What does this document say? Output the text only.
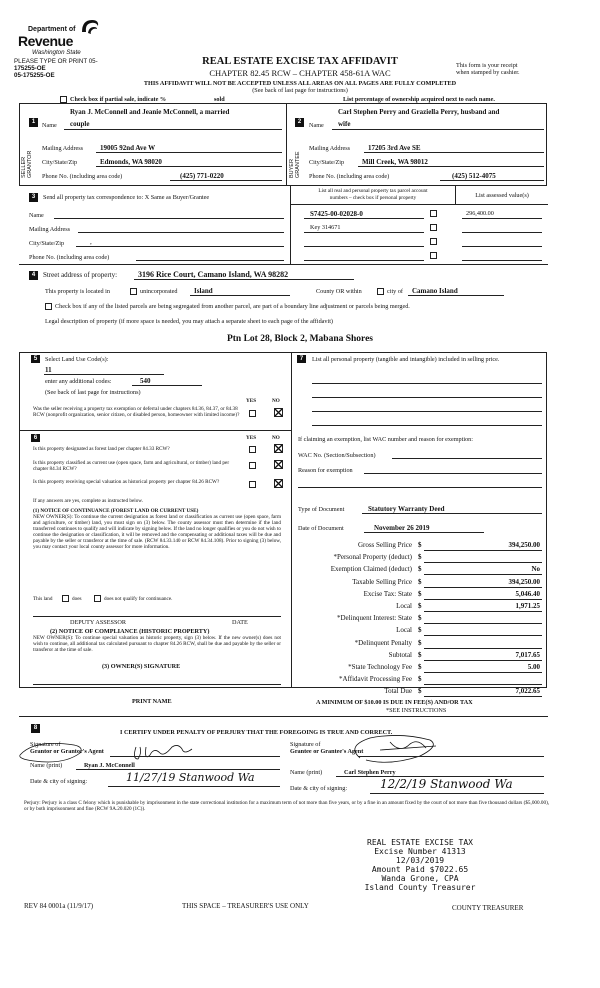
Department of
Revenue
Washington State
PLEASE TYPE OR PRINT 05-
175255-OE
05-175255-OE
REAL ESTATE EXCISE TAX AFFIDAVIT
CHAPTER 82.45 RCW – CHAPTER 458-61A WAC
This form is your receipt
when stamped by cashier.
THIS AFFIDAVIT WILL NOT BE ACCEPTED UNLESS ALL AREAS ON ALL PAGES ARE FULLY COMPLETED
(See back of last page for instructions)
Check box if partial sale, indicate %	sold	List percentage of ownership acquired next to each name.
1
SELLER GRANTOR
Name
Ryan J. McConnell and Jeanie McConnell, a married
couple
Mailing Address 19005 92nd Ave W
City/State/Zip	Edmonds, WA 98020
Phone No. (including area code)	(425) 771-0220
2
BUYER GRANTEE
Name
Carl Stephen Perry and Graziella Perry, husband and
wife
Mailing Address	17205 3rd Ave SE
City/State/Zip	Mill Creek, WA 98012
Phone No. (including area code)	(425) 512-4075
3	Send all property tax correspondence to: X Same as Buyer/Grantee
Name
Mailing Address
City/State/Zip	,
Phone No. (including area code)
List all real and personal property tax parcel account
numbers – check box if personal property	List assessed value(s)
S7425-00-02028-0	296,400.00
Key 314671
4	Street address of property:	3196 Rice Court, Camano Island, WA 98282
This property is located in	unincorporated Island	County OR within	city of Camano Island
Check box if any of the listed parcels are being segregated from another parcel, are part of a boundary line adjustment or parcels being merged.
Legal description of property (if more space is needed, you may attach a separate sheet to each page of the affidavit)
Ptn Lot 28, Block 2, Mabana Shores
5	Select Land Use Code(s):
11
enter any additional codes:	540
(See back of last page for instructions)
YES	NO
Was the seller receiving a property tax exemption or deferral under chapters 84.36, 84.37, or 84.38 RCW (nonprofit organization, senior citizen, or disabled person, homeowner with limited income)?
6	YES	NO
Is this property designated as forest land per chapter 84.33 RCW?
Is this property classified as current use (open space, farm and agricultural, or timber) land per chapter 84.34 RCW?
Is this property receiving special valuation as historical property per chapter 84.26 RCW?
If any answers are yes, complete as instructed below.
(1) NOTICE OF CONTINUANCE (FOREST LAND OR CURRENT USE)
NEW OWNER(S): To continue the current designation as forest land or classification as current use (open space, farm and agriculture, or timber) land, you must sign on (3) below. The county assessor must then determine if the land transferred continues to qualify and will indicate by signing below. If the land no longer qualifies or you do not wish to continue the designation or classification, it will be removed and the compensating or additional taxes will be due and payable by the seller or transferor at the time of sale. (RCW 84.33.140 or RCW 84.34.108). Prior to signing (3) below, you may contact your local county assessor for more information.
This land	does	does not qualify for continuance.
DEPUTY ASSESSOR	DATE
(2) NOTICE OF COMPLIANCE (HISTORIC PROPERTY)
NEW OWNER(S): To continue special valuation as historic property, sign (3) below. If the new owner(s) does not wish to continue, all additional tax calculated pursuant to chapter 84.26 RCW, shall be due and payable by the seller or transferor at the time of sale.
(3) OWNER(S) SIGNATURE
PRINT NAME
7	List all personal property (tangible and intangible) included in selling price.
If claiming an exemption, list WAC number and reason for exemption:
WAC No. (Section/Subsection)
Reason for exemption
Type of Document	Statutory Warranty Deed
Date of Document	November 26 2019
Gross Selling Price $	394,250.00
*Personal Property (deduct) $
Exemption Claimed (deduct) $	No
Taxable Selling Price $	394,250.00
Excise Tax: State $	5,046.40
Local $	1,971.25
*Delinquent Interest: State $
Local $
*Delinquent Penalty $
Subtotal $	7,017.65
*State Technology Fee $	5.00
*Affidavit Processing Fee $
Total Due $	7,022.65
A MINIMUM OF $10.00 IS DUE IN FEE(S) AND/OR TAX
*SEE INSTRUCTIONS
8
I CERTIFY UNDER PENALTY OF PERJURY THAT THE FOREGOING IS TRUE AND CORRECT.
Signature of
Grantor or Grantor's Agent
Name (print)	Ryan J. McConnell
Date & city of signing:	11/27/19 Stanwood Wa
Signature of
Grantee or Grantee's Agent
Name (print)	Carl Stephen Perry
Date & city of signing:	12/2/19 Stanwood Wa
Perjury: Perjury is a class C felony which is punishable by imprisonment in the state correctional institution for a maximum term of not more than five years, or by a fine in an amount fixed by the court of not more than five thousand dollars ($5,000.00), or by both imprisonment and fine (RCW 9A.20.020 (1C)).
REAL ESTATE EXCISE TAX
Excise Number 41313
12/03/2019
Amount Paid $7022.65
Wanda Grone, CPA
Island County Treasurer
REV 84 0001a (11/9/17)	THIS SPACE – TREASURER'S USE ONLY	COUNTY TREASURER
